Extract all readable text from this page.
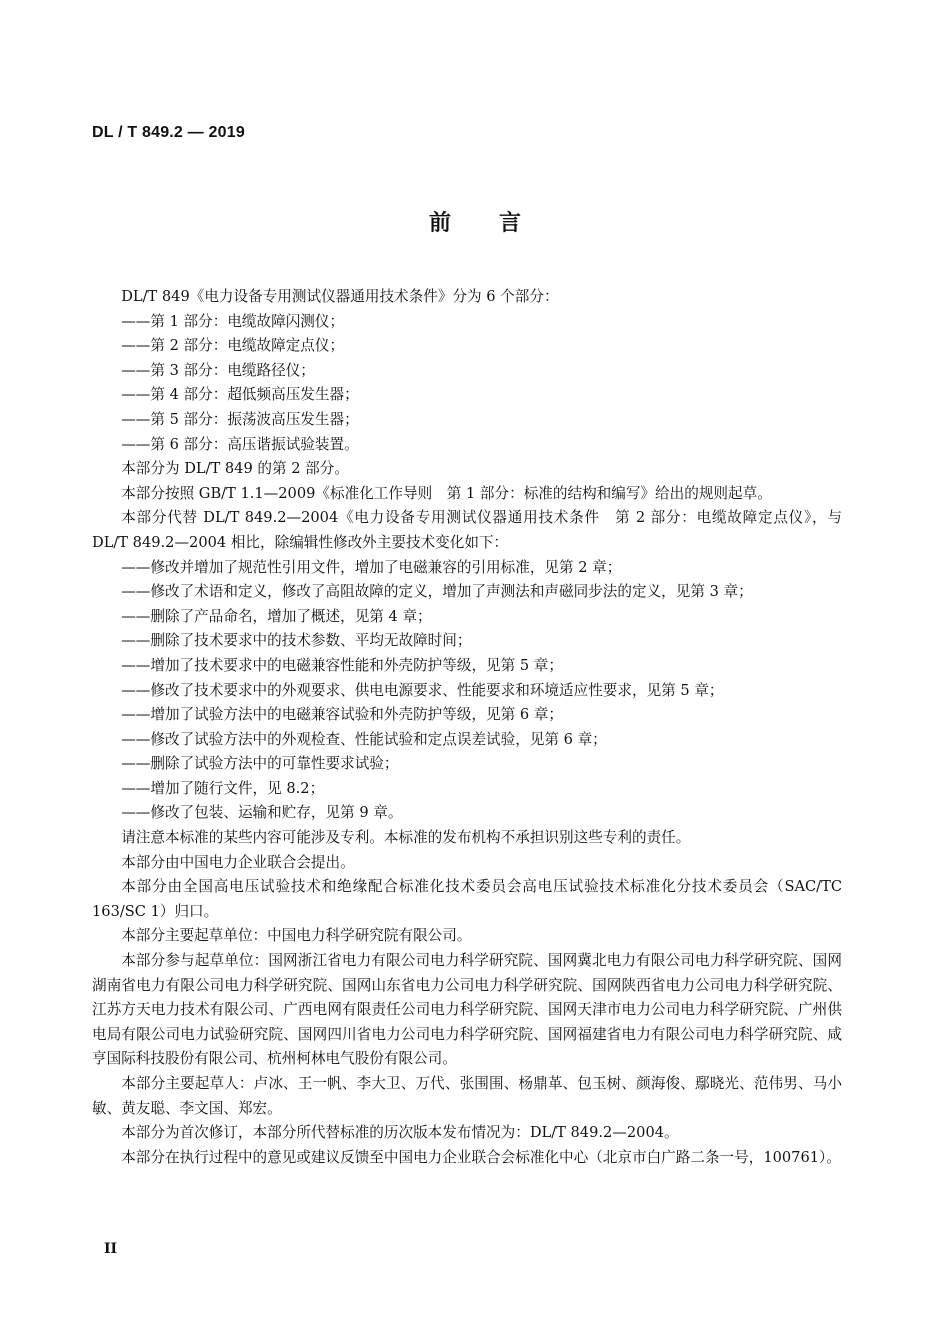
DL / T 849.2 — 2019
前言

DL/T 849《电力设备专用测试仪器通用技术条件》分为 6 个部分：

——第 1 部分：电缆故障闪测仪；

——第 2 部分：电缆故障定点仪；

——第 3 部分：电缆路径仪；

——第 4 部分：超低频高压发生器；

——第 5 部分：振荡波高压发生器；

——第 6 部分：高压谐振试验装置。

本部分为 DL/T 849 的第 2 部分。

本部分按照 GB/T 1.1—2009《标准化工作导则　第 1 部分：标准的结构和编写》给出的规则起草。

本部分代替 DL/T 849.2—2004《电力设备专用测试仪器通用技术条件　第 2 部分：电缆故障定点仪》，与 DL/T 849.2—2004 相比，除编辑性修改外主要技术变化如下：

——修改并增加了规范性引用文件，增加了电磁兼容的引用标准，见第 2 章；

——修改了术语和定义，修改了高阻故障的定义，增加了声测法和声磁同步法的定义，见第 3 章；

——删除了产品命名，增加了概述，见第 4 章；

——删除了技术要求中的技术参数、平均无故障时间；

——增加了技术要求中的电磁兼容性能和外壳防护等级，见第 5 章；

——修改了技术要求中的外观要求、供电电源要求、性能要求和环境适应性要求，见第 5 章；

——增加了试验方法中的电磁兼容试验和外壳防护等级，见第 6 章；

——修改了试验方法中的外观检查、性能试验和定点误差试验，见第 6 章；

——删除了试验方法中的可靠性要求试验；

——增加了随行文件，见 8.2；

——修改了包装、运输和贮存，见第 9 章。

请注意本标准的某些内容可能涉及专利。本标准的发布机构不承担识别这些专利的责任。

本部分由中国电力企业联合会提出。

本部分由全国高电压试验技术和绝缘配合标准化技术委员会高电压试验技术标准化分技术委员会（SAC/TC 163/SC 1）归口。

本部分主要起草单位：中国电力科学研究院有限公司。

本部分参与起草单位：国网浙江省电力有限公司电力科学研究院、国网冀北电力有限公司电力科学研究院、国网湖南省电力有限公司电力科学研究院、国网山东省电力公司电力科学研究院、国网陕西省电力公司电力科学研究院、江苏方天电力技术有限公司、广西电网有限责任公司电力科学研究院、国网天津市电力公司电力科学研究院、广州供电局有限公司电力试验研究院、国网四川省电力公司电力科学研究院、国网福建省电力有限公司电力科学研究院、咸亨国际科技股份有限公司、杭州柯林电气股份有限公司。

本部分主要起草人：卢冰、王一帆、李大卫、万代、张围围、杨鼎革、包玉树、颜海俊、鄢晓光、范伟男、马小敏、黄友聪、李文国、郑宏。

本部分为首次修订，本部分所代替标准的历次版本发布情况为：DL/T 849.2—2004。

本部分在执行过程中的意见或建议反馈至中国电力企业联合会标准化中心（北京市白广路二条一号，100761）。

II
